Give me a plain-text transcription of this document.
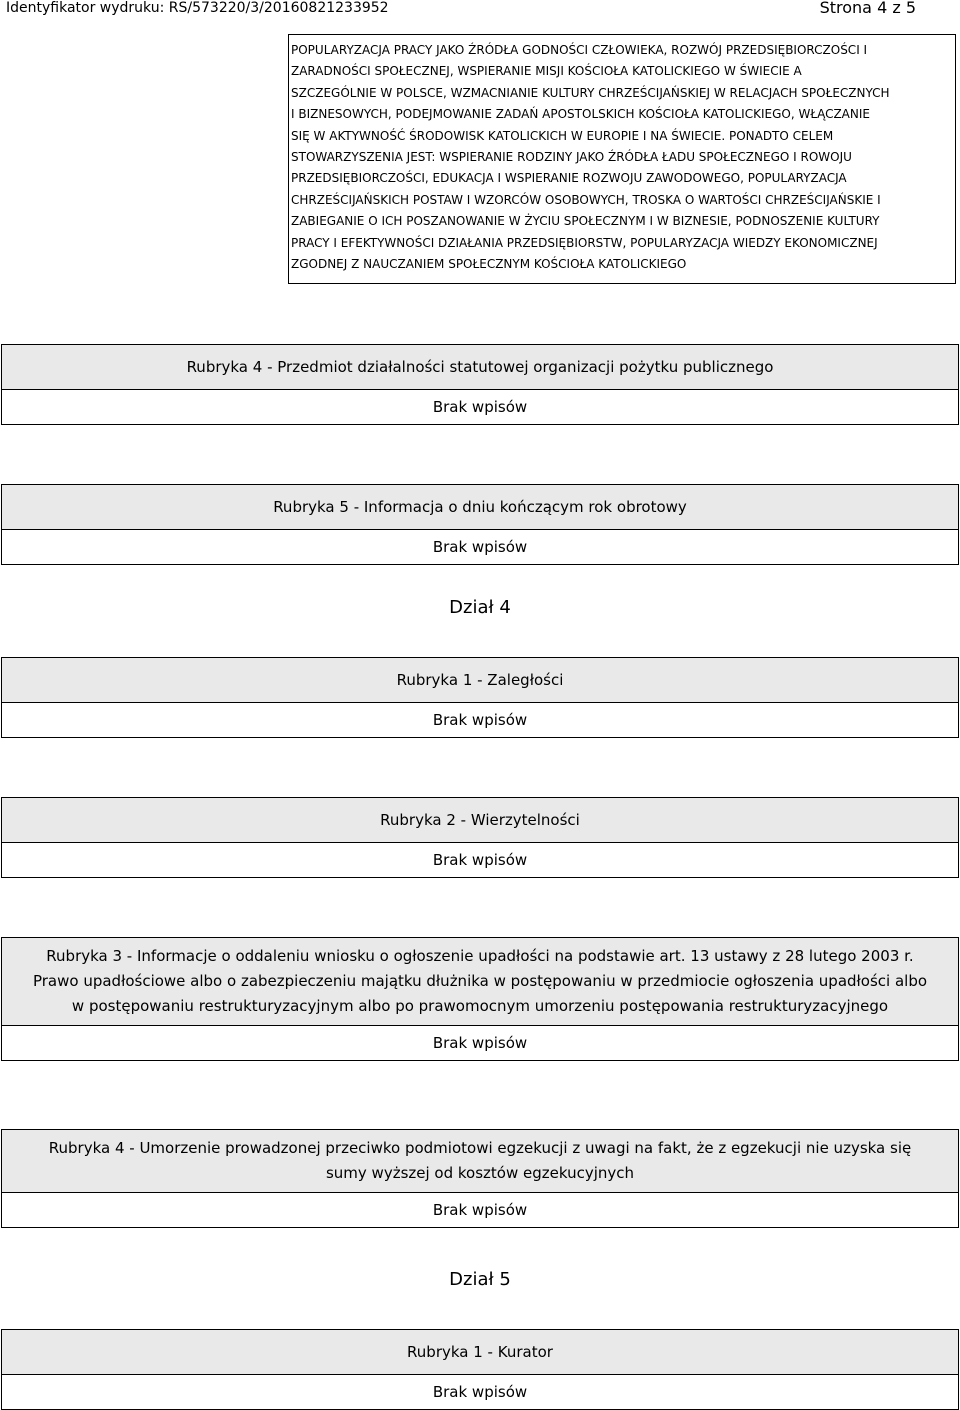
Identyfikator wydruku: RS/573220/3/20160821233952	Strona 4 z 5
POPULARYZACJA PRACY JAKO ŹRÓDŁA GODNOŚCI CZŁOWIEKA, ROZWÓJ PRZEDSIĘBIORCZOŚCI I
ZARADNOŚCI SPOŁECZNEJ, WSPIERANIE MISJI KOŚCIOŁA KATOLICKIEGO W ŚWIECIE A
SZCZEGÓLNIE W POLSCE, WZMACNIANIE KULTURY CHRZEŚCIJAŃSKIEJ W RELACJACH SPOŁECZNYCH
I BIZNESOWYCH, PODEJMOWANIE ZADAŃ APOSTOLSKICH KOŚCIOŁA KATOLICKIEGO, WŁĄCZANIE
SIĘ W AKTYWNOŚĆ ŚRODOWISK KATOLICKICH W EUROPIE I NA ŚWIECIE. PONADTO CELEM
STOWARZYSZENIA JEST: WSPIERANIE RODZINY JAKO ŹRÓDŁA ŁADU SPOŁECZNEGO I ROWOJU
PRZEDSIĘBIORCZOŚCI, EDUKACJA I WSPIERANIE ROZWOJU ZAWODOWEGO, POPULARYZACJA
CHRZEŚCIJAŃSKICH POSTAW I WZORCÓW OSOBOWYCH, TROSKA O WARTOŚCI CHRZEŚCIJAŃSKIE I
ZABIEGANIE O ICH POSZANOWANIE W ŻYCIU SPOŁECZNYM I W BIZNESIE, PODNOSZENIE KULTURY
PRACY I EFEKTYWNOŚCI DZIAŁANIA PRZEDSIĘBIORSTW, POPULARYZACJA WIEDZY EKONOMICZNEJ
ZGODNEJ Z NAUCZANIEM SPOŁECZNYM KOŚCIOŁA KATOLICKIEGO
Rubryka 4 - Przedmiot działalności statutowej organizacji pożytku publicznego
Brak wpisów
Rubryka 5 - Informacja o dniu kończącym rok obrotowy
Brak wpisów
Dział 4
Rubryka 1 - Zaległości
Brak wpisów
Rubryka 2 - Wierzytelności
Brak wpisów
Rubryka 3 - Informacje o oddaleniu wniosku o ogłoszenie upadłości na podstawie art. 13 ustawy z 28 lutego 2003 r.
Prawo upadłościowe albo o zabezpieczeniu majątku dłużnika w postępowaniu w przedmiocie ogłoszenia upadłości albo
w postępowaniu restrukturyzacyjnym albo po prawomocnym umorzeniu postępowania restrukturyzacyjnego
Brak wpisów
Rubryka 4 - Umorzenie prowadzonej przeciwko podmiotowi egzekucji z uwagi na fakt, że z egzekucji nie uzyska się
sumy wyższej od kosztów egzekucyjnych
Brak wpisów
Dział 5
Rubryka 1 - Kurator
Brak wpisów
